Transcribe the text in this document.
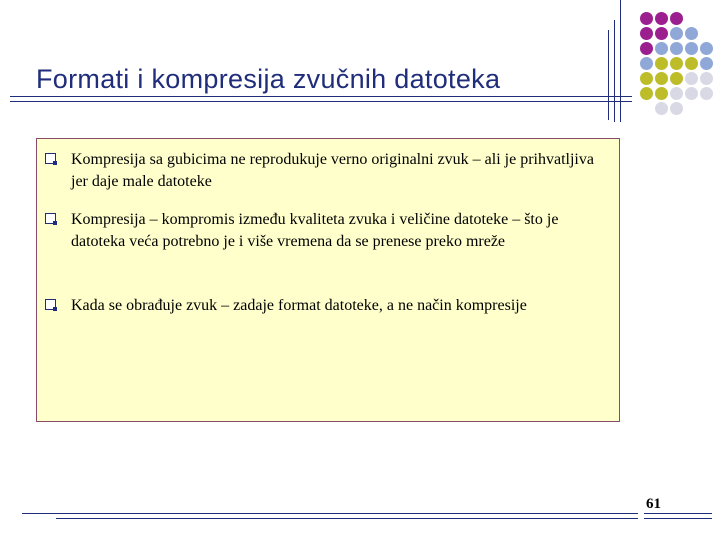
Formati i kompresija zvučnih datoteka
Kompresija sa gubicima ne reprodukuje verno originalni zvuk – ali je prihvatljiva jer daje male datoteke
Kompresija – kompromis između kvaliteta zvuka i veličine datoteke – što je datoteka veća potrebno je i više vremena da se prenese preko mreže
Kada se obrađuje zvuk – zadaje format datoteke, a ne način kompresije
61
